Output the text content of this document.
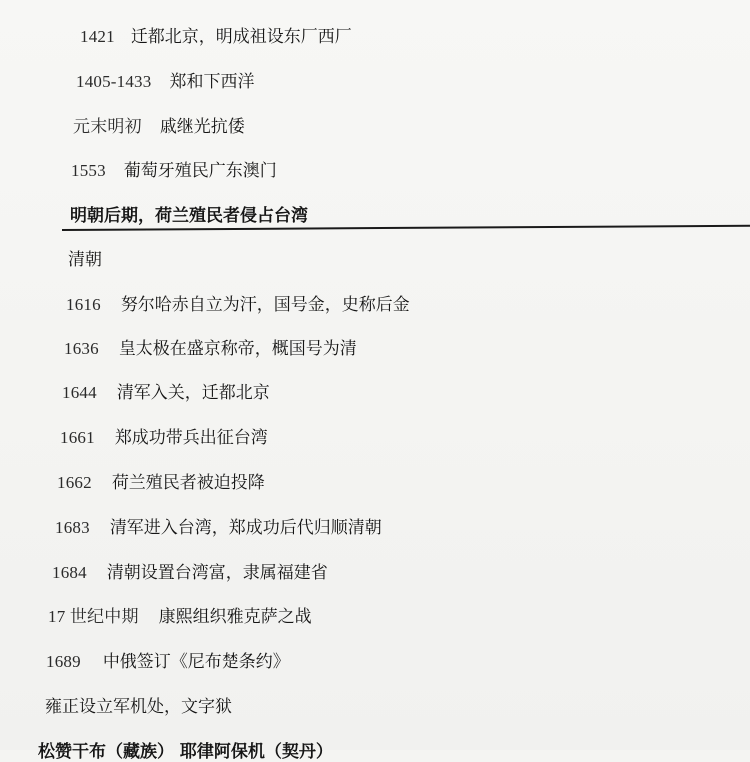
1421 迁都北京，明成祖设东厂西厂
1405-1433 郑和下西洋
元末明初 戚继光抗倭
1553 葡萄牙殖民广东澳门
明朝后期，荷兰殖民者侵占台湾
清朝
1616 努尔哈赤自立为汗，国号金，史称后金
1636 皇太极在盛京称帝，概国号为清
1644 清军入关，迁都北京
1661 郑成功带兵出征台湾
1662 荷兰殖民者被迫投降
1683 清军进入台湾，郑成功后代归顺清朝
1684 清朝设置台湾富，隶属福建省
17 世纪中期 康熙组织雅克萨之战
1689 中俄签订《尼布楚条约》
雍正设立军机处，文字狱
松赞干布（藏族） 耶律阿保机（契丹）
